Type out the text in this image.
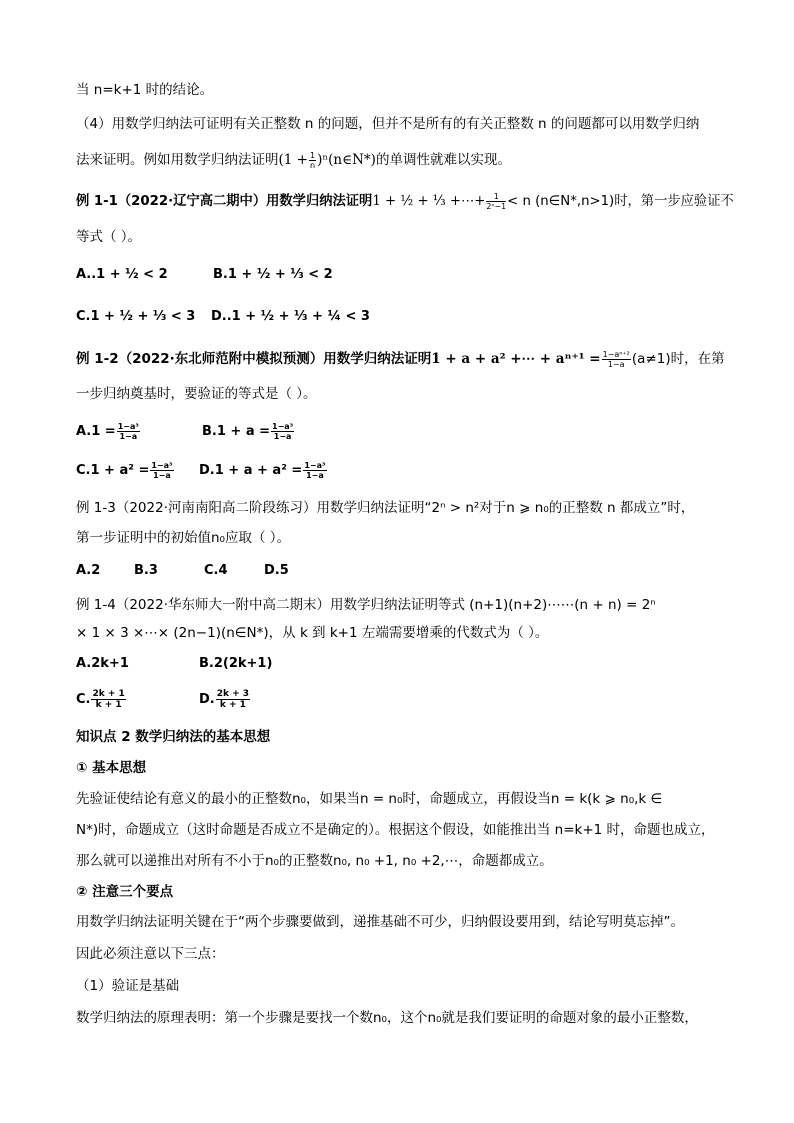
当 n=k+1 时的结论。
（4）用数学归纳法可证明有关正整数 n 的问题，但并不是所有的有关正整数 n 的问题都可以用数学归纳
法来证明。例如用数学归纳法证明($1 + \frac{1}{n}$ )ⁿ(n∈N*)的单调性就难以实现。
例 1-1（2022·辽宁高二期中）用数学归纳法证明1 + ½ + ⅓ +⋯+ $\frac{1}{\text{2ⁿ−1}} < n$ (n∈N*,n>1)时，第一步应验证不
等式（ ）。
A..1 + ½ < 2	B.1 + ½ + ⅓ < 2
C.1 + ½ + ⅓ < 3 D..1 + ½ + ⅓ + ¼ < 3
例 1-2（2022·东北师范附中模拟预测）用数学归纳法证明1 + a + a² +⋯ + $a^{n+1} = \frac{\text{1−aⁿ⁺²}}{1-a} (a\ne 1)$时，在第
一步归纳奠基时，要验证的等式是（ ）。
$A.1 = \frac{\text{1−a³}}{1-a}$	$B.1 + a = \frac{\text{1−a³}}{1-a}$
$C.1 + a^2 = \frac{\text{1−a³}}{1-a} D.1 + a + a^2 = \frac{\text{1−a³}}{1-a}$
例 1-3（2022·河南南阳高二阶段练习）用数学归纳法证明“2ⁿ > n²对于n ⩾ n₀的正整数 n 都成立”时，
第一步证明中的初始值n₀应取（ ）。
A.2	B.3	C.4	D.5
例 1-4（2022·华东师大一附中高二期末）用数学归纳法证明等式 (n+1)(n+2)⋯⋯(n + n) = 2ⁿ
× 1 × 3 ×⋯× (2n−1)(n∈N*)，从 k 到 k+1 左端需要增乘的代数式为（ ）。
A.2k+1	B.2(2k+1)
C. $\frac{2k + 1}{k + 1}$	D. $\frac{2k + 3}{k + 1}$
知识点 2 数学归纳法的基本思想
① 基本思想
先验证使结论有意义的最小的正整数n₀，如果当n = n₀时，命题成立，再假设当n = k(k ⩾ n₀,k ∈
N*)时，命题成立（这时命题是否成立不是确定的）。根据这个假设，如能推出当 n=k+1 时，命题也成立，
那么就可以递推出对所有不小于n₀的正整数n₀, n₀ +1, n₀ +2,⋯，命题都成立。
② 注意三个要点
用数学归纳法证明关键在于“两个步骤要做到，递推基础不可少，归纳假设要用到，结论写明莫忘掉”。
因此必须注意以下三点：
（1）验证是基础
数学归纳法的原理表明：第一个步骤是要找一个数n₀，这个n₀就是我们要证明的命题对象的最小正整数，
